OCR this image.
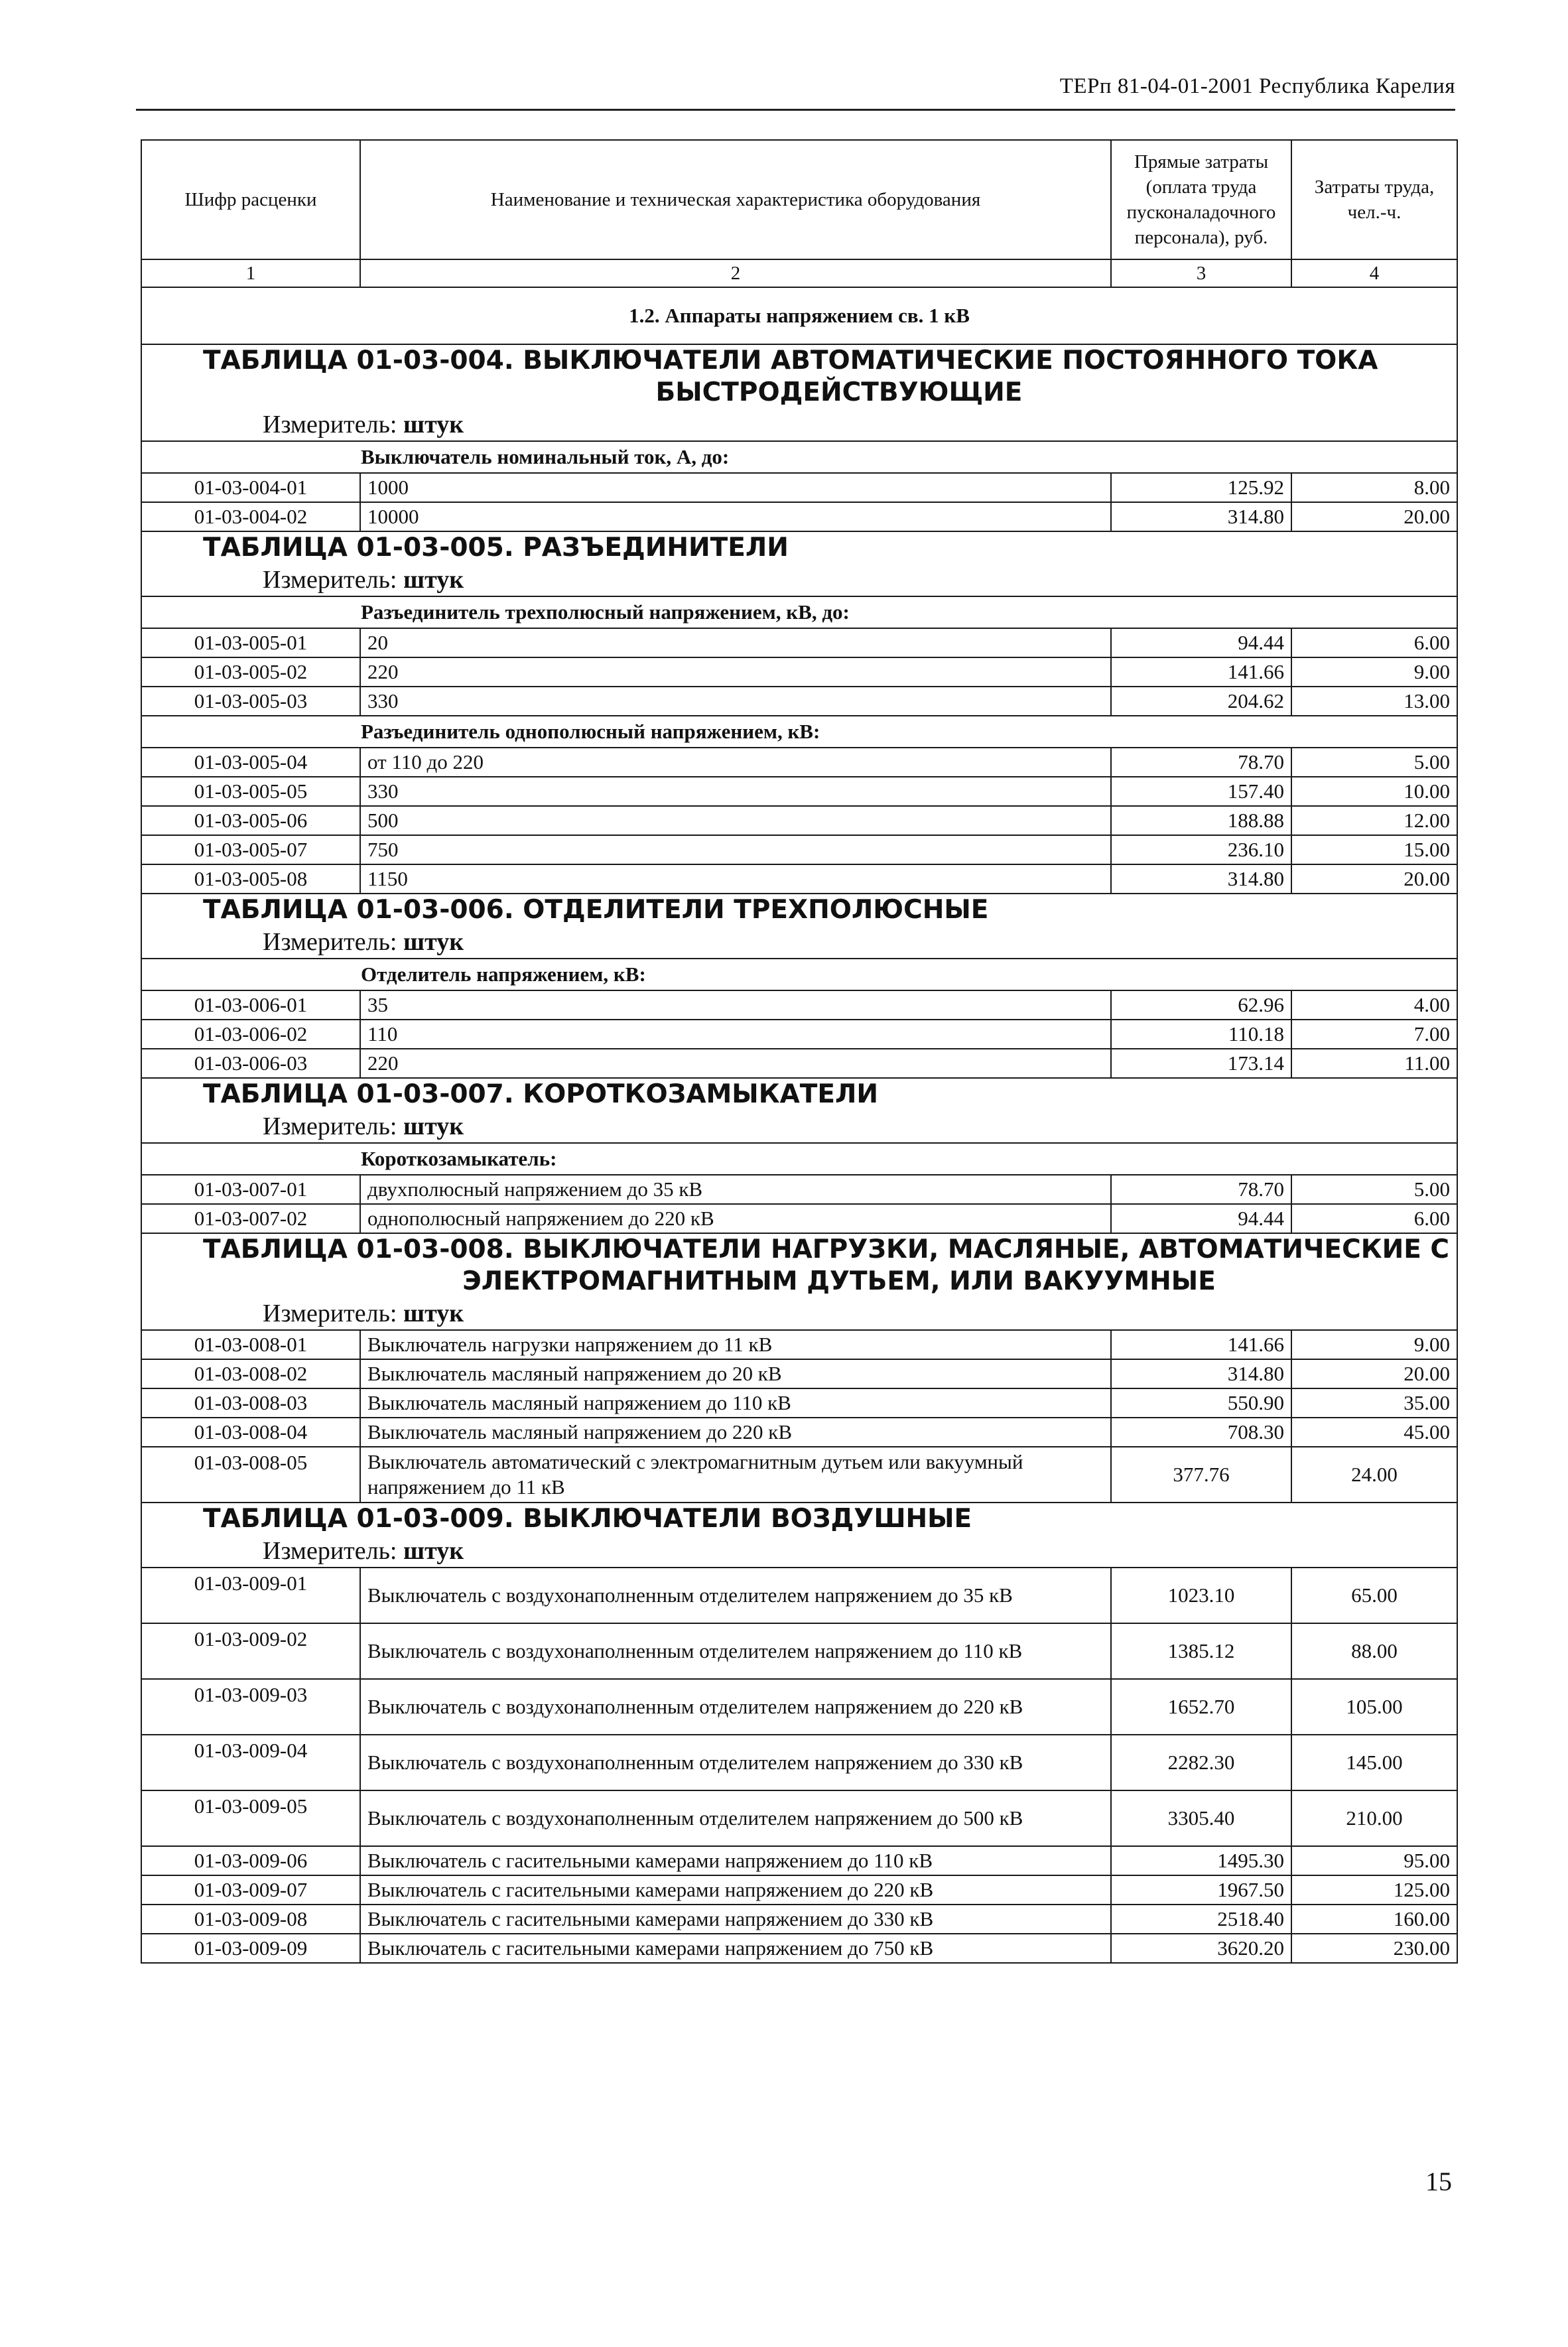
ТЕРп 81-04-01-2001 Республика Карелия
Шифр расценки	Наименование и техническая характеристика оборудования	Прямые затраты (оплата труда пусконаладочного персонала), руб.	Затраты труда, чел.-ч.
1	2	3	4
1.2. Аппараты напряжением св. 1 кВ			

ТАБЛИЦА 01-03-004. ВЫКЛЮЧАТЕЛИ АВТОМАТИЧЕСКИЕ ПОСТОЯННОГО ТОКА
БЫСТРОДЕЙСТВУЮЩИЕ
Измеритель: штук			

Выключатель номинальный ток, А, до:			
01-03-004-01	1000	125.92	8.00
01-03-004-02	10000	314.80	20.00

ТАБЛИЦА 01-03-005. РАЗЪЕДИНИТЕЛИ
Измеритель: штук			

Разъединитель трехполюсный напряжением, кВ, до:			
01-03-005-01	20	94.44	6.00
01-03-005-02	220	141.66	9.00
01-03-005-03	330	204.62	13.00
Разъединитель однополюсный напряжением, кВ:			
01-03-005-04	от 110 до 220	78.70	5.00
01-03-005-05	330	157.40	10.00
01-03-005-06	500	188.88	12.00
01-03-005-07	750	236.10	15.00
01-03-005-08	1150	314.80	20.00

ТАБЛИЦА 01-03-006. ОТДЕЛИТЕЛИ ТРЕХПОЛЮСНЫЕ
Измеритель: штук			

Отделитель напряжением, кВ:			
01-03-006-01	35	62.96	4.00
01-03-006-02	110	110.18	7.00
01-03-006-03	220	173.14	11.00

ТАБЛИЦА 01-03-007. КОРОТКОЗАМЫКАТЕЛИ
Измеритель: штук			

Короткозамыкатель:			
01-03-007-01	двухполюсный напряжением до 35 кВ	78.70	5.00
01-03-007-02	однополюсный напряжением до 220 кВ	94.44	6.00

ТАБЛИЦА 01-03-008. ВЫКЛЮЧАТЕЛИ НАГРУЗКИ, МАСЛЯНЫЕ, АВТОМАТИЧЕСКИЕ С
ЭЛЕКТРОМАГНИТНЫМ ДУТЬЕМ, ИЛИ ВАКУУМНЫЕ
Измеритель: штук			

01-03-008-01	Выключатель нагрузки напряжением до 11 кВ	141.66	9.00
01-03-008-02	Выключатель масляный напряжением до 20 кВ	314.80	20.00
01-03-008-03	Выключатель масляный напряжением до 110 кВ	550.90	35.00
01-03-008-04	Выключатель масляный напряжением до 220 кВ	708.30	45.00
01-03-008-05	Выключатель автоматический с электромагнитным дутьем или вакуумный напряжением до 11 кВ	377.76	24.00

ТАБЛИЦА 01-03-009. ВЫКЛЮЧАТЕЛИ ВОЗДУШНЫЕ
Измеритель: штук			

01-03-009-01	Выключатель с воздухонаполненным отделителем напряжением до 35 кВ	1023.10	65.00
01-03-009-02	Выключатель с воздухонаполненным отделителем напряжением до 110 кВ	1385.12	88.00
01-03-009-03	Выключатель с воздухонаполненным отделителем напряжением до 220 кВ	1652.70	105.00
01-03-009-04	Выключатель с воздухонаполненным отделителем напряжением до 330 кВ	2282.30	145.00
01-03-009-05	Выключатель с воздухонаполненным отделителем напряжением до 500 кВ	3305.40	210.00
01-03-009-06	Выключатель с гасительными камерами напряжением до 110 кВ	1495.30	95.00
01-03-009-07	Выключатель с гасительными камерами напряжением до 220 кВ	1967.50	125.00
01-03-009-08	Выключатель с гасительными камерами напряжением до 330 кВ	2518.40	160.00
01-03-009-09	Выключатель с гасительными камерами напряжением до 750 кВ	3620.20	230.00
15
